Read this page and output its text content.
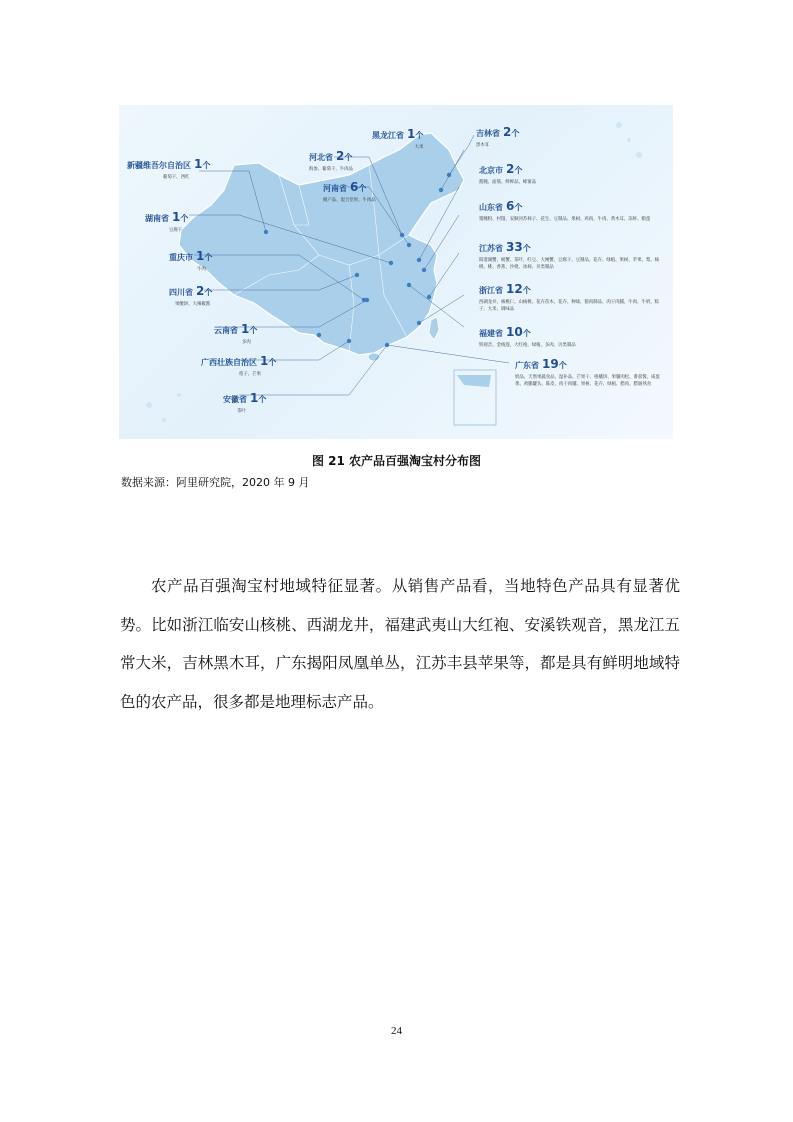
黑龙江省 1个
大米
吉林省 2个
黑木耳
新疆维吾尔自治区 1个
葡萄干、西红
河北省 2个
海参、葡萄干、牛肉品	北京市 2个
酱腌、面筋、鲜鲜品、蜂蜜品
河南省 6个
鳗产品、混合坚果、牛肉品
湖南省 1个
豆腐干
山东省 6个
猪腌粉、村馒、安顺河苏柿子、花生、豆制品、果树、鸡肉、牛肉、黄木耳、冻虾、粮蛋
重庆市 1个
牛肉
江苏省 33个
阳澄湖蟹、螃蟹、茶叶、红豆、大闸蟹、豆腐干、豆制品、花卉、绿植、果树、苹果、梨、核桃、桃、香蕉、沙枇、冰柿、贝类制品
四川省 2个
果酸饼、大辣椒酱
浙江省 12个
西湖龙井、核桃仁、山核桃、花卉苗木、花卉、种球、猪肉制品、肉干肉脯、牛肉、牛奶、粽子、大米、调味品
云南省 1个
多肉
福建省 10个
铁观音、金线莲、大红袍、绿植、多肉、贝类制品
广西壮族自治区 1个
桔子、芒果
广东省 19个
奶品、天然果蔬食品、湿补品、芒果干、柑橘饼、果脯肉松、番茄酱、咸蛋黄、鸡腿罐头、陈皮、肉干肉脯、果树、花卉、绿植、腊肉、腊肠熟食
安徽省 1个
茶叶
图 21 农产品百强淘宝村分布图
数据来源：阿里研究院，2020 年 9 月
农产品百强淘宝村地域特征显著。从销售产品看，当地特色产品具有显著优势。比如浙江临安山核桃、西湖龙井，福建武夷山大红袍、安溪铁观音，黑龙江五常大米，吉林黑木耳，广东揭阳凤凰单丛，江苏丰县苹果等，都是具有鲜明地域特色的农产品，很多都是地理标志产品。
24
